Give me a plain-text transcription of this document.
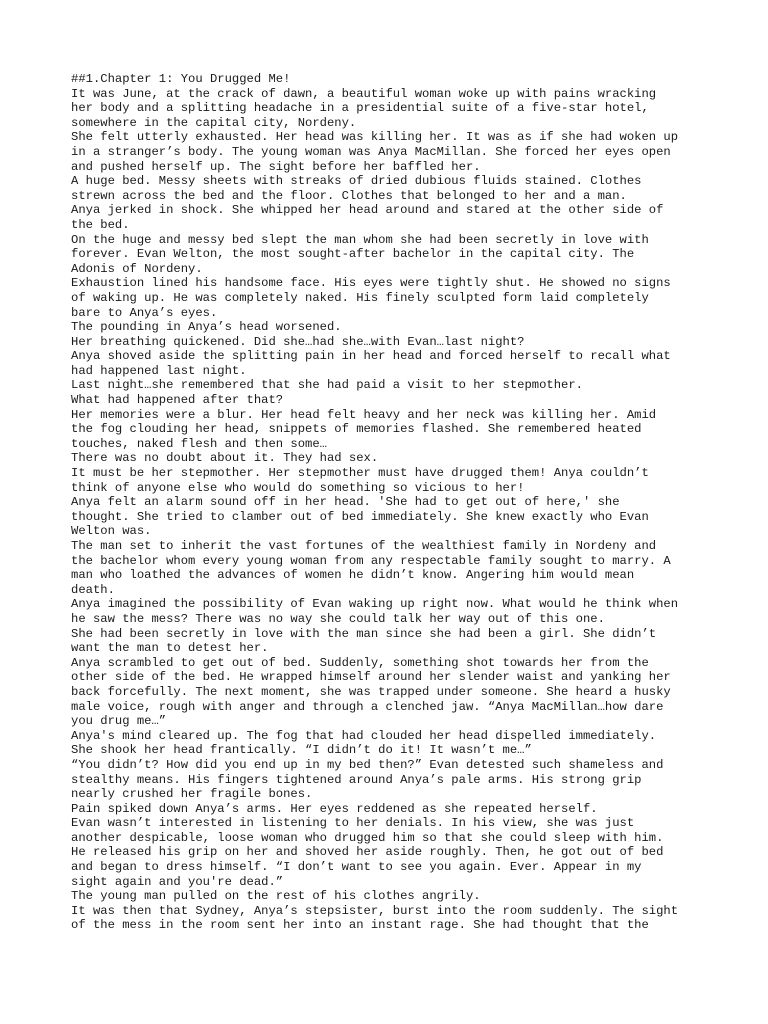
##1.Chapter 1: You Drugged Me!
It was June, at the crack of dawn, a beautiful woman woke up with pains wracking
her body and a splitting headache in a presidential suite of a five-star hotel,
somewhere in the capital city, Nordeny.
She felt utterly exhausted. Her head was killing her. It was as if she had woken up
in a stranger’s body. The young woman was Anya MacMillan. She forced her eyes open
and pushed herself up. The sight before her baffled her.
A huge bed. Messy sheets with streaks of dried dubious fluids stained. Clothes
strewn across the bed and the floor. Clothes that belonged to her and a man.
Anya jerked in shock. She whipped her head around and stared at the other side of
the bed.
On the huge and messy bed slept the man whom she had been secretly in love with
forever. Evan Welton, the most sought-after bachelor in the capital city. The
Adonis of Nordeny.
Exhaustion lined his handsome face. His eyes were tightly shut. He showed no signs
of waking up. He was completely naked. His finely sculpted form laid completely
bare to Anya’s eyes.
The pounding in Anya’s head worsened.
Her breathing quickened. Did she…had she…with Evan…last night?
Anya shoved aside the splitting pain in her head and forced herself to recall what
had happened last night.
Last night…she remembered that she had paid a visit to her stepmother.
What had happened after that?
Her memories were a blur. Her head felt heavy and her neck was killing her. Amid
the fog clouding her head, snippets of memories flashed. She remembered heated
touches, naked flesh and then some…
There was no doubt about it. They had sex.
It must be her stepmother. Her stepmother must have drugged them! Anya couldn’t
think of anyone else who would do something so vicious to her!
Anya felt an alarm sound off in her head. 'She had to get out of here,' she
thought. She tried to clamber out of bed immediately. She knew exactly who Evan
Welton was.
The man set to inherit the vast fortunes of the wealthiest family in Nordeny and
the bachelor whom every young woman from any respectable family sought to marry. A
man who loathed the advances of women he didn’t know. Angering him would mean
death.
Anya imagined the possibility of Evan waking up right now. What would he think when
he saw the mess? There was no way she could talk her way out of this one.
She had been secretly in love with the man since she had been a girl. She didn’t
want the man to detest her.
Anya scrambled to get out of bed. Suddenly, something shot towards her from the
other side of the bed. He wrapped himself around her slender waist and yanking her
back forcefully. The next moment, she was trapped under someone. She heard a husky
male voice, rough with anger and through a clenched jaw. “Anya MacMillan…how dare
you drug me…”
Anya's mind cleared up. The fog that had clouded her head dispelled immediately.
She shook her head frantically. “I didn’t do it! It wasn’t me…”
“You didn’t? How did you end up in my bed then?” Evan detested such shameless and
stealthy means. His fingers tightened around Anya’s pale arms. His strong grip
nearly crushed her fragile bones.
Pain spiked down Anya’s arms. Her eyes reddened as she repeated herself.
Evan wasn’t interested in listening to her denials. In his view, she was just
another despicable, loose woman who drugged him so that she could sleep with him.
He released his grip on her and shoved her aside roughly. Then, he got out of bed
and began to dress himself. “I don’t want to see you again. Ever. Appear in my
sight again and you're dead.”
The young man pulled on the rest of his clothes angrily.
It was then that Sydney, Anya’s stepsister, burst into the room suddenly. The sight
of the mess in the room sent her into an instant rage. She had thought that the
